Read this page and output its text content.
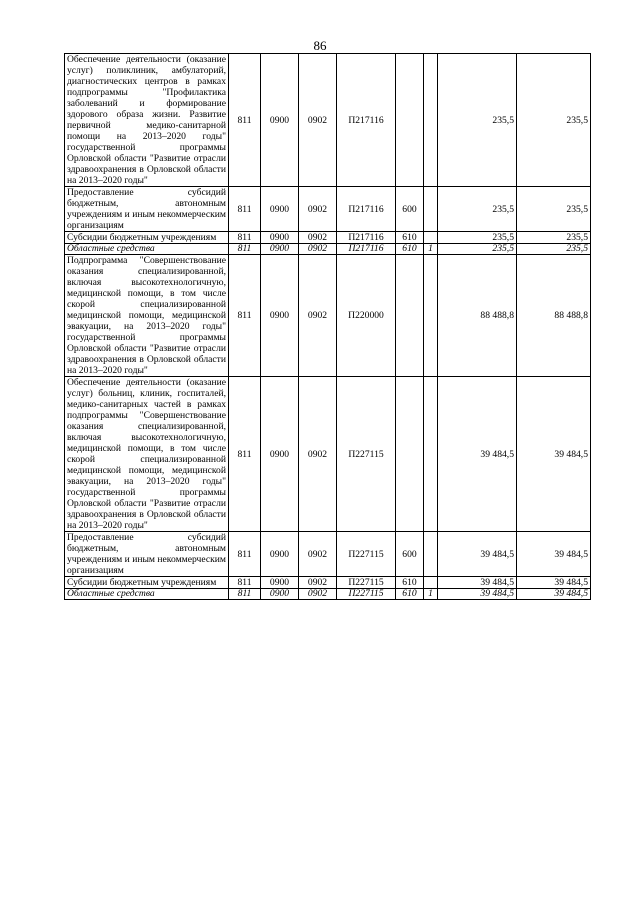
86
Обеспечение деятельности (оказание услуг) поликлиник, амбулаторий, диагностических центров в рамках подпрограммы "Профилактика заболеваний и формирование здорового образа жизни. Развитие первичной медико-санитарной помощи на 2013–2020 годы" государственной программы Орловской области "Развитие отрасли здравоохранения в Орловской области на 2013–2020 годы"	811	0900	0902	П217116			235,5	235,5
Предоставление субсидий бюджетным, автономным учреждениям и иным некоммерческим организациям	811	0900	0902	П217116	600		235,5	235,5
Субсидии бюджетным учреждениям	811	0900	0902	П217116	610		235,5	235,5
Областные средства	811	0900	0902	П217116	610	1	235,5	235,5
Подпрограмма "Совершенствование оказания специализированной, включая высокотехнологичную, медицинской помощи, в том числе скорой специализированной медицинской помощи, медицинской эвакуации, на 2013–2020 годы" государственной программы Орловской области "Развитие отрасли здравоохранения в Орловской области на 2013–2020 годы"	811	0900	0902	П220000			88 488,8	88 488,8
Обеспечение деятельности (оказание услуг) больниц, клиник, госпиталей, медико-санитарных частей в рамках подпрограммы "Совершенствование оказания специализированной, включая высокотехнологичную, медицинской помощи, в том числе скорой специализированной медицинской помощи, медицинской эвакуации, на 2013–2020 годы" государственной программы Орловской области "Развитие отрасли здравоохранения в Орловской области на 2013–2020 годы"	811	0900	0902	П227115			39 484,5	39 484,5
Предоставление субсидий бюджетным, автономным учреждениям и иным некоммерческим организациям	811	0900	0902	П227115	600		39 484,5	39 484,5
Субсидии бюджетным учреждениям	811	0900	0902	П227115	610		39 484,5	39 484,5
Областные средства	811	0900	0902	П227115	610	1	39 484,5	39 484,5
